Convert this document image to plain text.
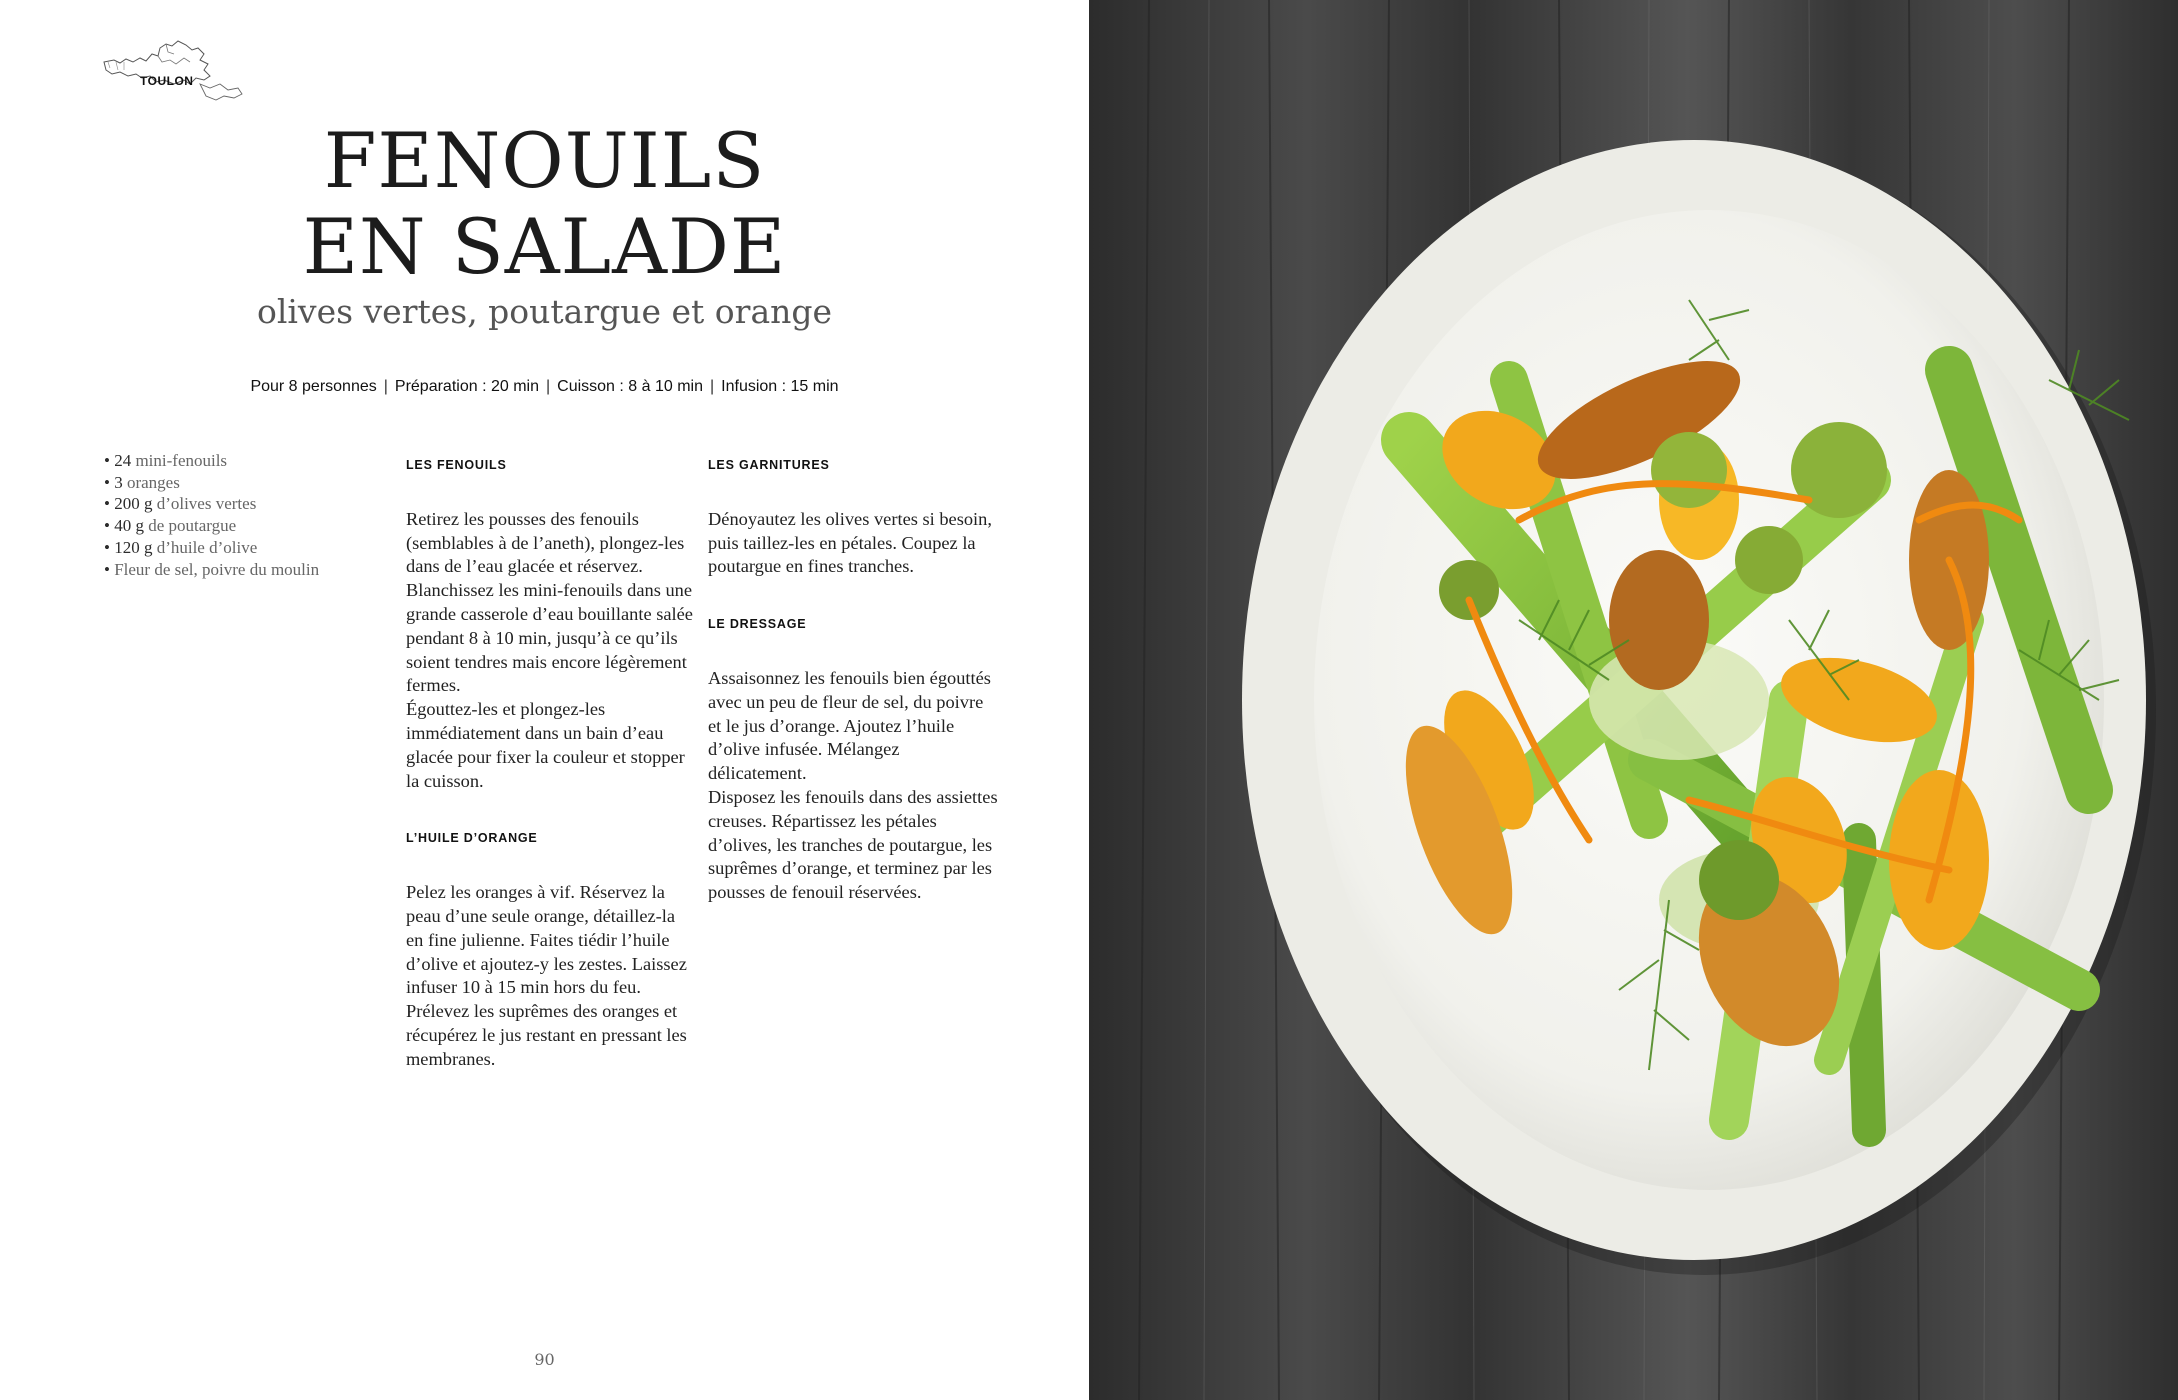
TOULON
FENOUILS
EN SALADE
olives vertes, poutargue et orange
Pour 8 personnes | Préparation : 20 min | Cuisson : 8 à 10 min | Infusion : 15 min
• 24 mini-fenouils
• 3 oranges
• 200 g d’olives vertes
• 40 g de poutargue
• 120 g d’huile d’olive
• Fleur de sel, poivre du moulin
LES FENOUILS

Retirez les pousses des fenouils (semblables à de l’aneth), plongez-les dans de l’eau glacée et réservez. Blanchissez les mini-fenouils dans une grande casserole d’eau bouillante salée pendant 8 à 10 min, jusqu’à ce qu’ils soient tendres mais encore légèrement fermes.

Égouttez-les et plongez-les immédiatement dans un bain d’eau glacée pour fixer la couleur et stopper la cuisson.

L’HUILE D’ORANGE

Pelez les oranges à vif. Réservez la peau d’une seule orange, détaillez-la en fine julienne. Faites tiédir l’huile d’olive et ajoutez-y les zestes. Laissez infuser 10 à 15 min hors du feu.

Prélevez les suprêmes des oranges et récupérez le jus restant en pressant les membranes.

LES GARNITURES

Dénoyautez les olives vertes si besoin, puis taillez-les en pétales. Coupez la poutargue en fines tranches.

LE DRESSAGE

Assaisonnez les fenouils bien égouttés avec un peu de fleur de sel, du poivre et le jus d’orange. Ajoutez l’huile d’olive infusée. Mélangez délicatement.

Disposez les fenouils dans des assiettes creuses. Répartissez les pétales d’olives, les tranches de poutargue, les suprêmes d’orange, et terminez par les pousses de fenouil réservées.

90
